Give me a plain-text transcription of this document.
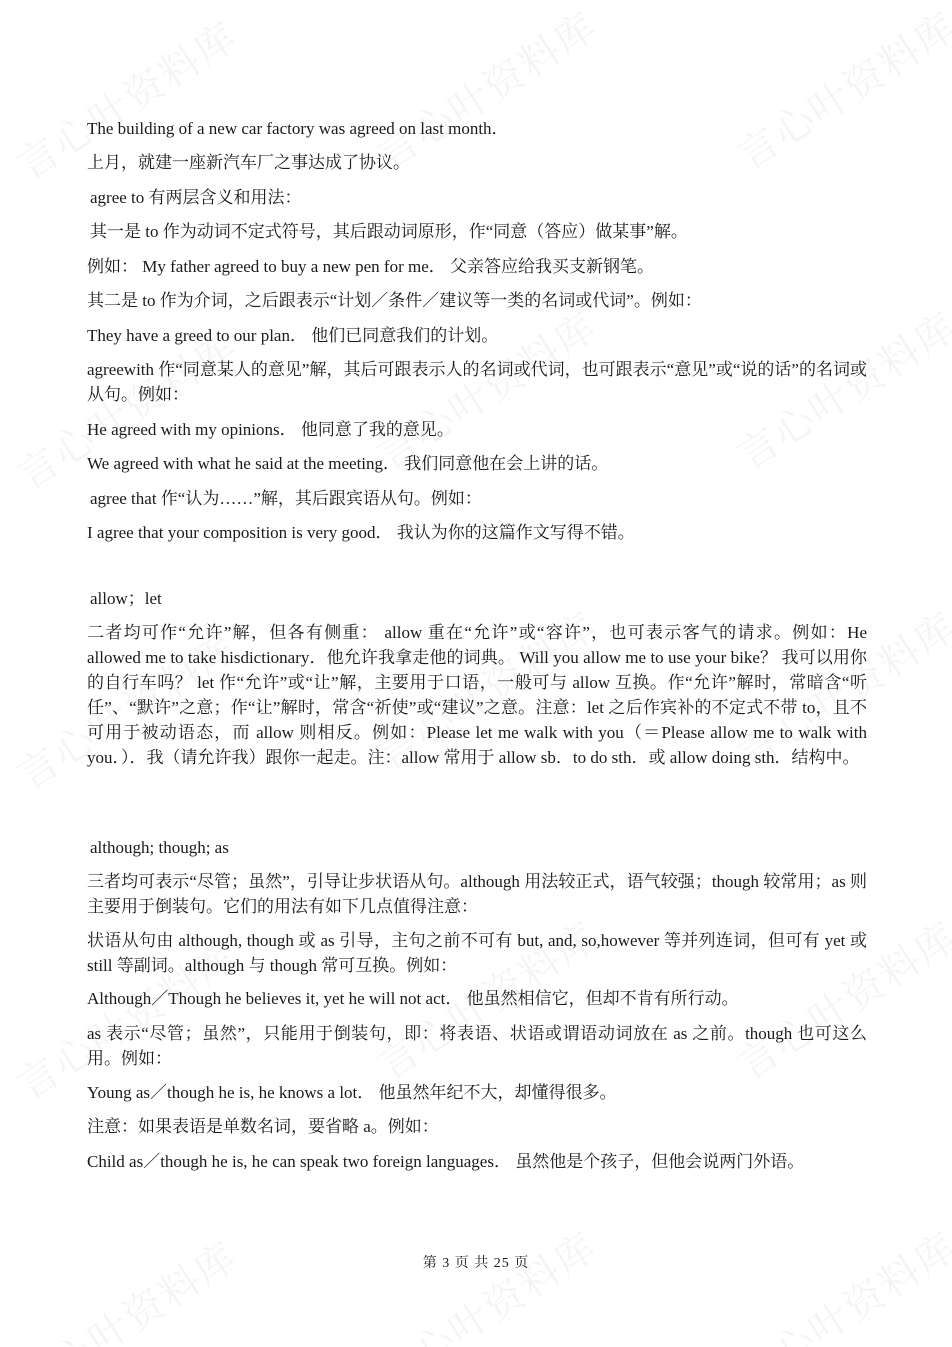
The building of a new car factory was agreed on last month．
上月，就建一座新汽车厂之事达成了协议。
agree to 有两层含义和用法：
其一是 to 作为动词不定式符号，其后跟动词原形，作“同意（答应）做某事”解。
例如： My father agreed to buy a new pen for me． 父亲答应给我买支新钢笔。
其二是 to 作为介词，之后跟表示“计划／条件／建议等一类的名词或代词”。例如：
They have a greed to our plan． 他们已同意我们的计划。
agreewith 作“同意某人的意见”解，其后可跟表示人的名词或代词，也可跟表示“意见”或“说的话”的名词或从句。例如：
He agreed with my opinions． 他同意了我的意见。
We agreed with what he said at the meeting． 我们同意他在会上讲的话。
agree that 作“认为……”解，其后跟宾语从句。例如：
I agree that your composition is very good． 我认为你的这篇作文写得不错。
allow；let
二者均可作“允许”解，但各有侧重： allow 重在“允许”或“容许”，也可表示客气的请求。例如：He allowed me to take hisdictionary．他允许我拿走他的词典。 Will you allow me to use your bike？ 我可以用你的自行车吗？ let 作“允许”或“让”解，主要用于口语，一般可与 allow 互换。作“允许”解时，常暗含“听任”、“默许”之意；作“让”解时，常含“祈使”或“建议”之意。注意：let 之后作宾补的不定式不带 to，且不可用于被动语态，而 allow 则相反。例如：Please let me walk with you（＝Please allow me to walk with you．）．我（请允许我）跟你一起走。注：allow 常用于 allow sb．to do sth．或 allow doing sth．结构中。
although; though; as
三者均可表示“尽管；虽然”，引导让步状语从句。although 用法较正式，语气较强；though 较常用；as 则主要用于倒装句。它们的用法有如下几点值得注意：
状语从句由 although, though 或 as 引导，主句之前不可有 but, and, so,however 等并列连词，但可有 yet 或 still 等副词。although 与 though 常可互换。例如：
Although／Though he believes it, yet he will not act． 他虽然相信它，但却不肯有所行动。
as 表示“尽管；虽然”，只能用于倒装句，即：将表语、状语或谓语动词放在 as 之前。though 也可这么用。例如：
Young as／though he is, he knows a lot． 他虽然年纪不大，却懂得很多。
注意：如果表语是单数名词，要省略 a。例如：
Child as／though he is, he can speak two foreign languages． 虽然他是个孩子，但他会说两门外语。
第 3 页 共 25 页
